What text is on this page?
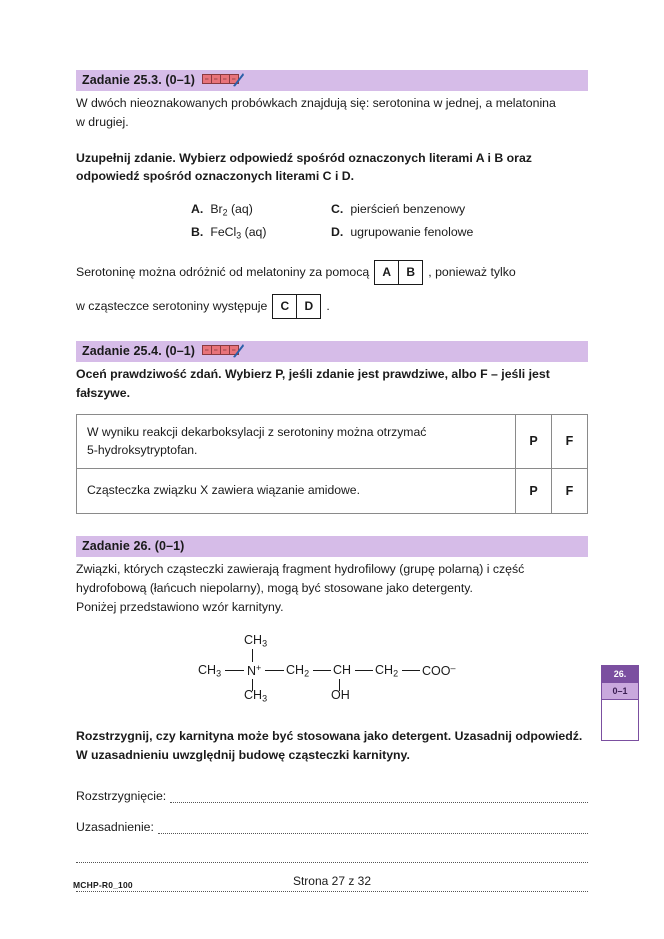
Zadanie 25.3. (0–1)
W dwóch nieoznakowanych probówkach znajdują się: serotonina w jednej, a melatonina
w drugiej.
Uzupełnij zdanie. Wybierz odpowiedź spośród oznaczonych literami A i B oraz
odpowiedź spośród oznaczonych literami C i D.
A. $Br_2$ (aq)	C. pierścień benzenowy
B. FeCl$_3$ (aq)	D. ugrupowanie fenolowe
Serotoninę można odróżnić od melatoniny za pomocą	A	B	, ponieważ tylko
w cząsteczce serotoniny występuje	C	D	.
Zadanie 25.4. (0–1)
Oceń prawdziwość zdań. Wybierz P, jeśli zdanie jest prawdziwe, albo F – jeśli jest
fałszywe.
W wyniku reakcji dekarboksylacji z serotoniny można otrzymać
5-hydroksytryptofan.	P	F

Cząsteczka związku X zawiera wiązanie amidowe.	P	F
Zadanie 26. (0–1)
Związki, których cząsteczki zawierają fragment hydrofilowy (grupę polarną) i część
hydrofobową (łańcuch niepolarny), mogą być stosowane jako detergenty.
Poniżej przedstawiono wzór karnityny.
$CH_3$
$CH_3$ N+ $CH_2$ CH $CH_2$ COO–
$CH_3$	OH
Rozstrzygnij, czy karnityna może być stosowana jako detergent. Uzasadnij odpowiedź.
W uzasadnieniu uwzględnij budowę cząsteczki karnityny.
Rozstrzygnięcie:
Uzasadnienie:
26.
0–1
MCHP-R0_100	Strona 27 z 32
